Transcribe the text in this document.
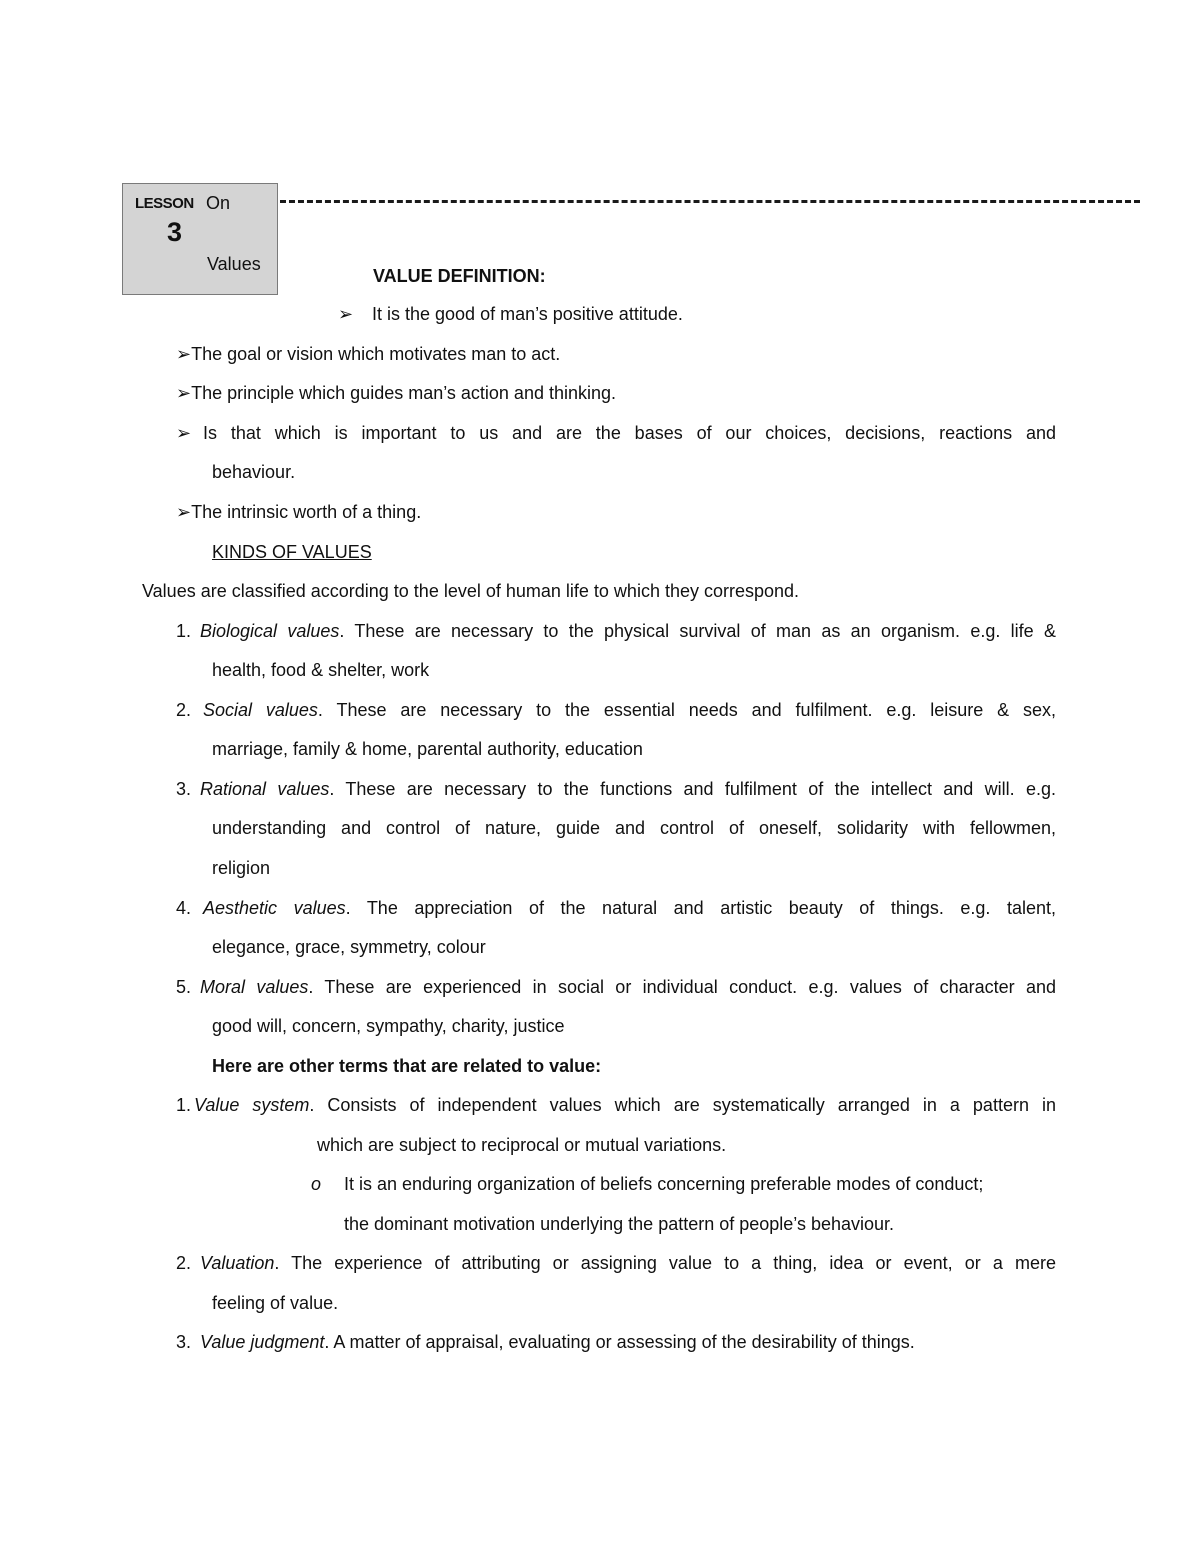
LESSON On
3
Values
VALUE DEFINITION:
➢ It is the good of man’s positive attitude.
➢The goal or vision which motivates man to act.
➢The principle which guides man’s action and thinking.
➢ Is that which is important to us and are the bases of our choices, decisions, reactions and
behaviour.
➢The intrinsic worth of a thing.
KINDS OF VALUES
Values are classified according to the level of human life to which they correspond.
1. Biological values. These are necessary to the physical survival of man as an organism. e.g. life &
health, food & shelter, work
2. Social values. These are necessary to the essential needs and fulfilment. e.g. leisure & sex,
marriage, family & home, parental authority, education
3. Rational values. These are necessary to the functions and fulfilment of the intellect and will. e.g.
understanding and control of nature, guide and control of oneself, solidarity with fellowmen,
religion
4. Aesthetic values. The appreciation of the natural and artistic beauty of things. e.g. talent,
elegance, grace, symmetry, colour
5. Moral values. These are experienced in social or individual conduct. e.g. values of character and
good will, concern, sympathy, charity, justice
Here are other terms that are related to value:
1. Value system. Consists of independent values which are systematically arranged in a pattern in
which are subject to reciprocal or mutual variations.
o It is an enduring organization of beliefs concerning preferable modes of conduct;
the dominant motivation underlying the pattern of people’s behaviour.
2. Valuation. The experience of attributing or assigning value to a thing, idea or event, or a mere
feeling of value.
3. Value judgment. A matter of appraisal, evaluating or assessing of the desirability of things.
